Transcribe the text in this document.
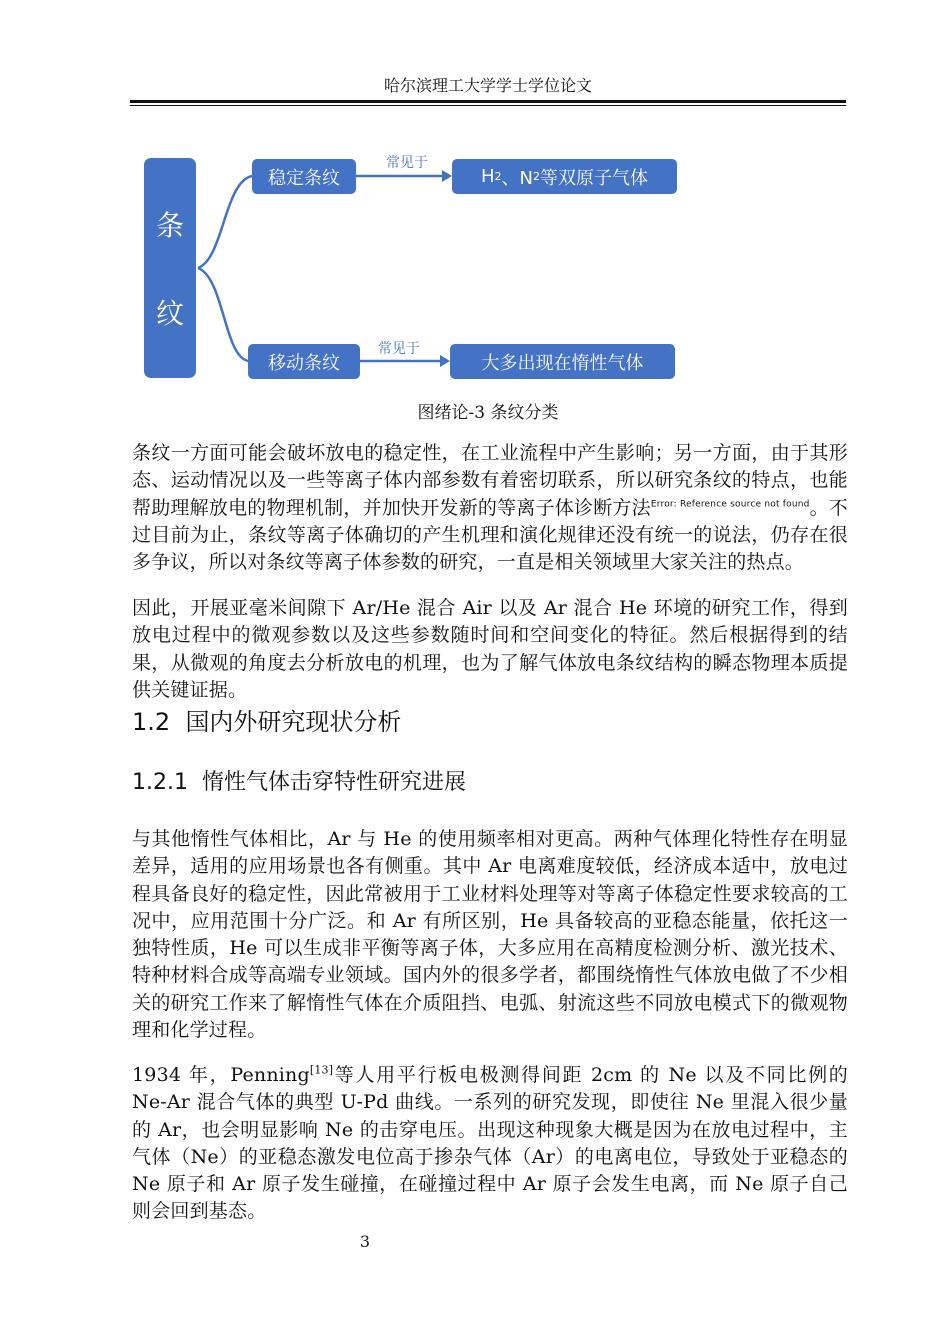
哈尔滨理工大学学士学位论文
条
纹
稳定条纹
常见于
H 2 、N 2 等双原子气体
移动条纹
常见于
大多出现在惰性气体
图绪论-3 条纹分类

条纹一方面可能会破坏放电的稳定性，在工业流程中产生影响；另一方面，由于其形态、运动情况以及一些等离子体内部参数有着密切联系，所以研究条纹的特点，也能帮助理解放电的物理机制，并加快开发新的等离子体诊断方法$^{Error: Reference source not found}$。不过目前为止，条纹等离子体确切的产生机理和演化规律还没有统一的说法，仍存在很多争议，所以对条纹等离子体参数的研究，一直是相关领域里大家关注的热点。

因此，开展亚毫米间隙下 Ar/He 混合 Air 以及 Ar 混合 He 环境的研究工作，得到放电过程中的微观参数以及这些参数随时间和空间变化的特征。然后根据得到的结果，从微观的角度去分析放电的机理，也为了解气体放电条纹结构的瞬态物理本质提供关键证据。

1.2 国内外研究现状分析
1.2.1 惰性气体击穿特性研究进展

与其他惰性气体相比，Ar 与 He 的使用频率相对更高。两种气体理化特性存在明显差异，适用的应用场景也各有侧重。其中 Ar 电离难度较低，经济成本适中，放电过程具备良好的稳定性，因此常被用于工业材料处理等对等离子体稳定性要求较高的工况中，应用范围十分广泛。和 Ar 有所区别，He 具备较高的亚稳态能量，依托这一独特性质，He 可以生成非平衡等离子体，大多应用在高精度检测分析、激光技术、特种材料合成等高端专业领域。国内外的很多学者，都围绕惰性气体放电做了不少相关的研究工作来了解惰性气体在介质阻挡、电弧、射流这些不同放电模式下的微观物理和化学过程。

1934 年，Penning[13]等人用平行板电极测得间距 2cm 的 Ne 以及不同比例的 Ne-Ar 混合气体的典型 U-Pd 曲线。一系列的研究发现，即使往 Ne 里混入很少量的 Ar，也会明显影响 Ne 的击穿电压。出现这种现象大概是因为在放电过程中，主气体（Ne）的亚稳态激发电位高于掺杂气体（Ar）的电离电位，导致处于亚稳态的 Ne 原子和 Ar 原子发生碰撞，在碰撞过程中 Ar 原子会发生电离，而 Ne 原子自己则会回到基态。

3
